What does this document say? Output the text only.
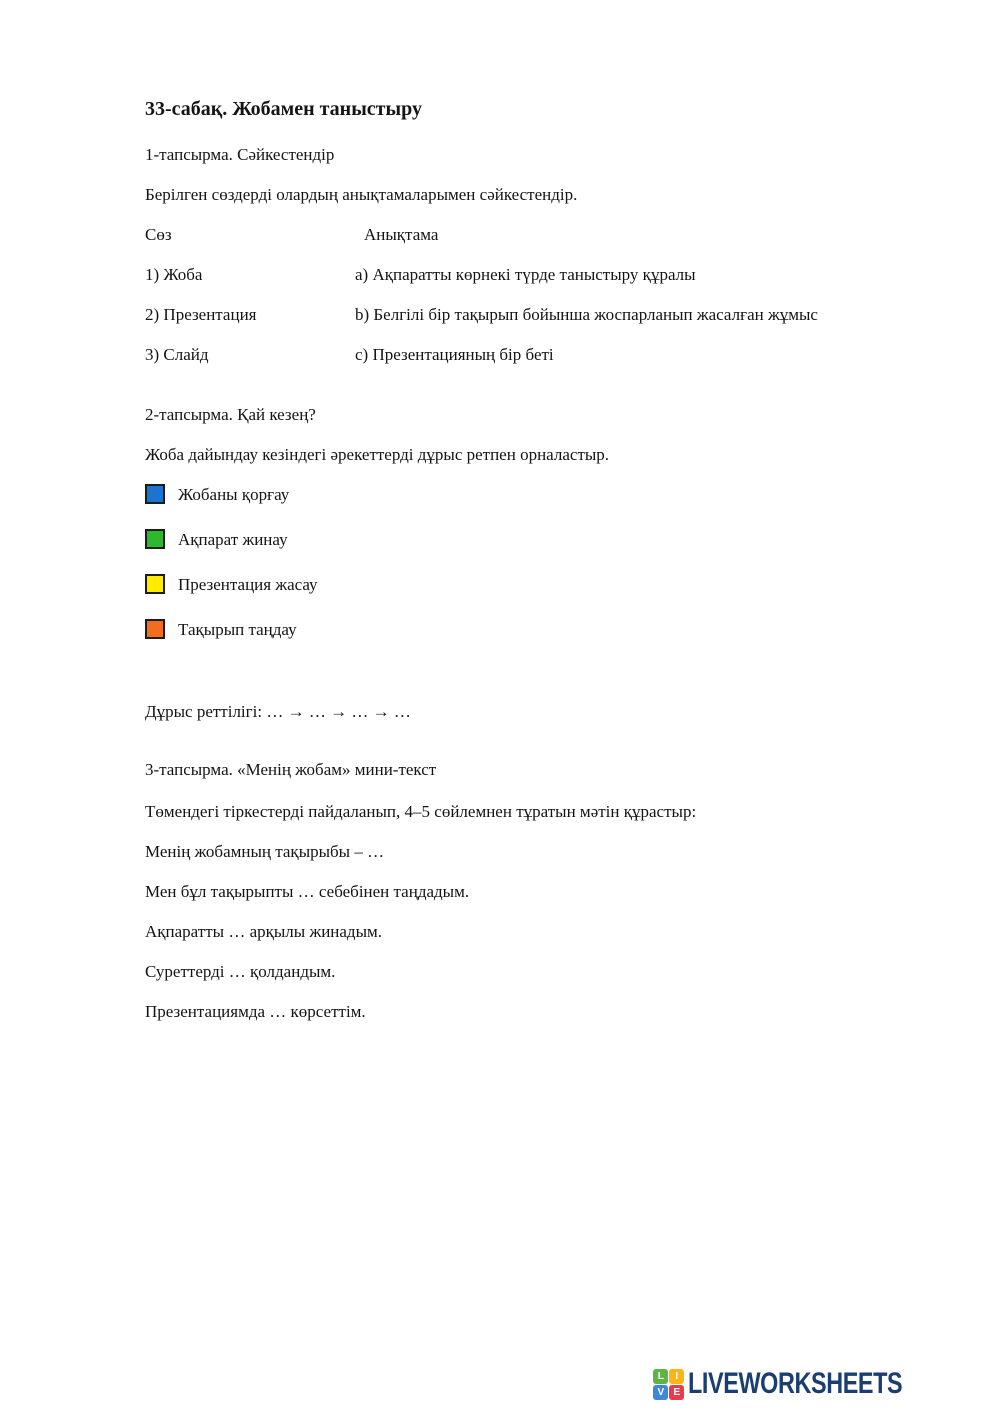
33-сабақ. Жобамен таныстыру

1-тапсырма. Сәйкестендір

Берілген сөздерді олардың анықтамаларымен сәйкестендір.

Сөз	Анықтама
1) Жоба	a) Ақпаратты көрнекі түрде таныстыру құралы
2) Презентация	b) Белгілі бір тақырып бойынша жоспарланып жасалған жұмыс
3) Слайд	c) Презентацияның бір беті

2-тапсырма. Қай кезең?

Жоба дайындау кезіндегі әрекеттерді дұрыс ретпен орналастыр.

Жобаны қорғау
Ақпарат жинау
Презентация жасау
Тақырып таңдау

Дұрыс реттілігі: … → … → … → …

3-тапсырма. «Менің жобам» мини-текст

Төмендегі тіркестерді пайдаланып, 4–5 сөйлемнен тұратын мәтін құрастыр:

Менің жобамның тақырыбы – …

Мен бұл тақырыпты … себебінен таңдадым.

Ақпаратты … арқылы жинадым.

Суреттерді … қолдандым.

Презентациямда … көрсеттім.

L	I
V E LIVEWORKSHEETS
